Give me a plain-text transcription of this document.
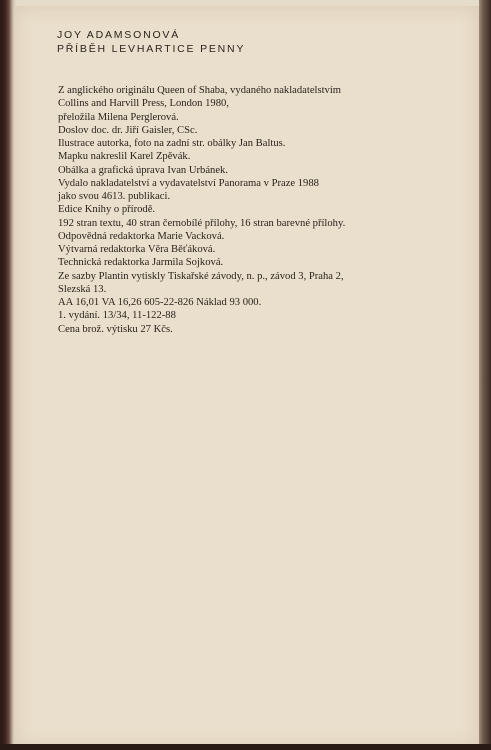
JOY ADAMSONOVÁ
PŘÍBĚH LEVHARTICE PENNY
Z anglického originálu Queen of Shaba, vydaného nakladatelstvím
Collins and Harvill Press, London 1980,
přeložila Milena Perglerová.
Doslov doc. dr. Jiří Gaisler, CSc.
Ilustrace autorka, foto na zadní str. obálky Jan Baltus.
Mapku nakreslil Karel Zpěvák.
Obálka a grafická úprava Ivan Urbánek.
Vydalo nakladatelství a vydavatelství Panorama v Praze 1988
jako svou 4613. publikaci.
Edice Knihy o přírodě.
192 stran textu, 40 stran černobílé přílohy, 16 stran barevné přílohy.
Odpovědná redaktorka Marie Vacková.
Výtvarná redaktorka Věra Běťáková.
Technická redaktorka Jarmila Sojková.
Ze sazby Plantin vytiskly Tiskařské závody, n. p., závod 3, Praha 2,
Slezská 13.
AA 16,01 VA 16,26 605-22-826 Náklad 93 000.
1. vydání. 13/34, 11-122-88
Cena brož. výtisku 27 Kčs.
